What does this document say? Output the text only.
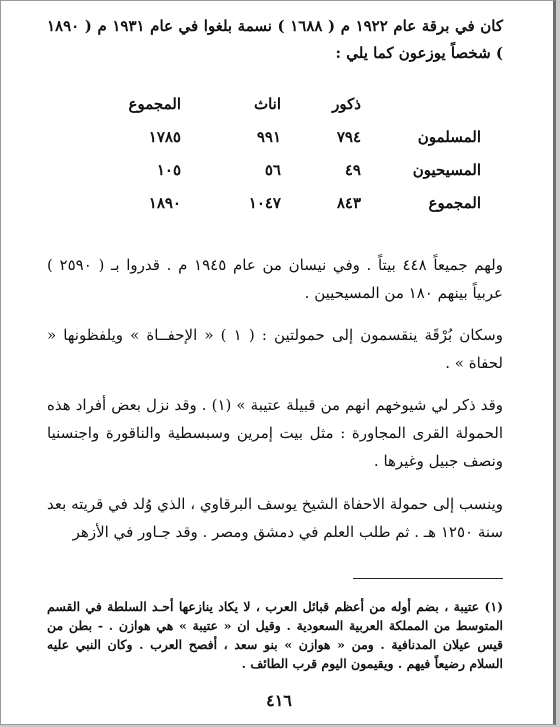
كان في برقة عام ١٩٢٢ م ( ١٦٨٨ ) نسمة بلغوا في عام ١٩٣١ م ( ١٨٩٠ ) شخصاً يوزعون كما يلي :
ذكور
اناث
المجموع
المسلمون
٧٩٤
٩٩١
١٧٨٥
المسيحيون
٤٩
٥٦
١٠٥
المجموع
٨٤٣
١٠٤٧
١٨٩٠
ولهم جميعاً ٤٤٨ بيتاً . وفي نيسان من عام ١٩٤٥ م . قدروا بـ ( ٢٥٩٠ ) عربياً بينهم ١٨٠ من المسيحيين .
وسكان بُرْقَة ينقسمون إلى حمولتين : ( ١ ) « الإحفــاة » ويلفظونها « لحفاة » .
وقد ذكر لي شيوخهم انهم من قبيلة عتيبة » (١) . وقد نزل بعض أفراد هذه الحمولة القرى المجاورة : مثل بيت إمرين وسبسطية والناقورة واجنسنيا ونصف جبيل وغيرها .
وينسب إلى حمولة الاحفاة الشيخ يوسف البرقاوي ، الذي وُلد في قريته بعد سنة ١٢٥٠ هـ . ثم طلب العلم في دمشق ومصر . وقد جـاور في الأزهر
(١) عتيبة ، بضم أوله من أعظم قبائل العرب ، لا يكاد ينازعها أحـد السلطة في القسم المتوسط من المملكة العربية السعودية . وقيل ان « عتيبة » هي هوازن . - بطن من قيس عيلان المدنافية . ومن « هوازن » بنو سعد ، أفصح العرب . وكان النبي عليه السلام رضيعاً فيهم . ويقيمون اليوم قرب الطائف .
٤١٦
